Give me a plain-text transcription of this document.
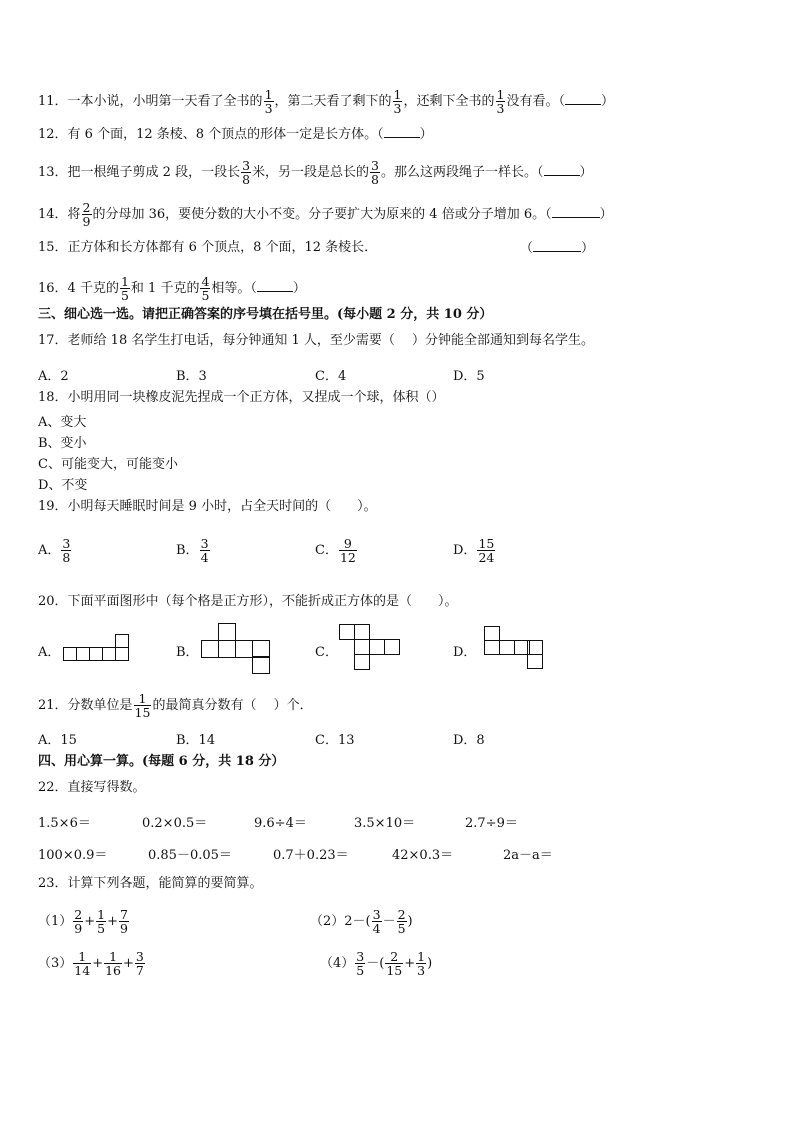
11．一本小说，小明第一天看了全书的 $\frac{1}{3}$ ，第二天看了剩下的 $\frac{1}{3}$ ，还剩下全书的 $\frac{1}{3}$ 没有看。（	）
12．有 6 个面，12 条棱、8 个顶点的形体一定是长方体。（	）
13．把一根绳子剪成 2 段，一段长 $\frac{3}{8}$ 米，另一段是总长的 $\frac{3}{8}$ 。那么这两段绳子一样长。（	）
14．将 $\frac{2}{9}$ 的分母加 36，要使分数的大小不变。分子要扩大为原来的 4 倍或分子增加 6。（	）
15．正方体和长方体都有 6 个顶点，8 个面，12 条棱长．	（	）
16．4 千克的 $\frac{1}{5}$ 和 1 千克的 $\frac{4}{5}$ 相等。（	）
三、细心选一选。请把正确答案的序号填在括号里。(每小题 2 分，共 10 分）
17．老师给 18 名学生打电话，每分钟通知 1 人，至少需要（　 ）分钟能全部通知到每名学生。
A．2	B．3	C．4	D．5
18．小明用同一块橡皮泥先捏成一个正方体，又捏成一个球，体积（）
A、变大
B、变小
C、可能变大，可能变小
D、不变
19．小明每天睡眠时间是 9 小时，占全天时间的（　　）。
A． $\frac{3}{8}$	B． $\frac{3}{4}$	C． $\frac{9}{12}$	D． $\frac{15}{24}$
20．下面平面图形中（每个格是正方形），不能折成正方体的是（　　）。
A．	B．	C．	D．
21．分数单位是 $\frac{1}{15}$ 的最简真分数有（　 ）个．
A．15	B．14	C．13	D．8
四、用心算一算。(每题 6 分，共 18 分）
22．直接写得数。
1.5×6＝	0.2×0.5＝	9.6÷4＝	3.5×10＝	2.7÷9＝
100×0.9＝	0.85－0.05＝	0.7＋0.23＝	42×0.3＝	2a－a＝
23．计算下列各题，能简算的要简算。
$(1) \frac{2}{9} + \frac{1}{5} + \frac{7}{9}$	$(2)2-( \frac{3}{4} - \frac{2}{5}$ )
$(3) \frac{1}{14} + \frac{1}{16} + \frac{3}{7}$	$(4) \frac{3}{5}$ －( $\frac{2}{15} + \frac{1}{3}$ )
